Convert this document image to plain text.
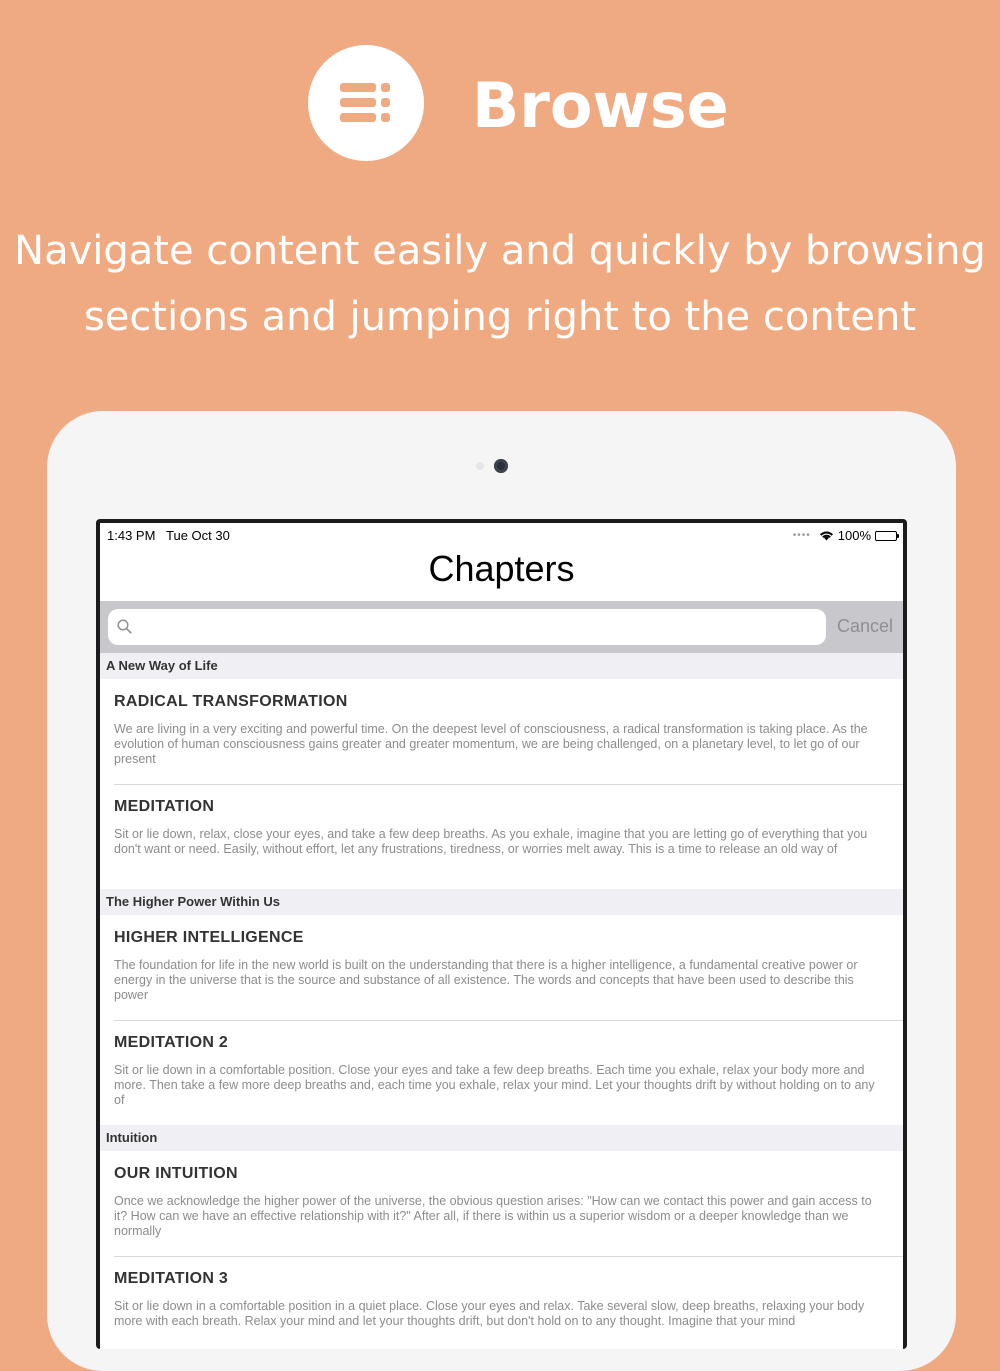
Browse
Navigate content easily and quickly by browsing
sections and jumping right to the content
1:43 PM Tue Oct 30	•••• 100%
Chapters
Cancel
A New Way of Life
RADICAL TRANSFORMATION
We are living in a very exciting and powerful time. On the deepest level of consciousness, a radical transformation is taking place. As the evolution of human consciousness gains greater and greater momentum, we are being challenged, on a planetary level, to let go of our present
MEDITATION
Sit or lie down, relax, close your eyes, and take a few deep breaths. As you exhale, imagine that you are letting go of everything that you don't want or need. Easily, without effort, let any frustrations, tiredness, or worries melt away. This is a time to release an old way of
The Higher Power Within Us
HIGHER INTELLIGENCE
The foundation for life in the new world is built on the understanding that there is a higher intelligence, a fundamental creative power or energy in the universe that is the source and substance of all existence. The words and concepts that have been used to describe this power
MEDITATION 2
Sit or lie down in a comfortable position. Close your eyes and take a few deep breaths. Each time you exhale, relax your body more and more. Then take a few more deep breaths and, each time you exhale, relax your mind. Let your thoughts drift by without holding on to any of
Intuition
OUR INTUITION
Once we acknowledge the higher power of the universe, the obvious question arises: "How can we contact this power and gain access to it? How can we have an effective relationship with it?" After all, if there is within us a superior wisdom or a deeper knowledge than we normally
MEDITATION 3
Sit or lie down in a comfortable position in a quiet place. Close your eyes and relax. Take several slow, deep breaths, relaxing your body more with each breath. Relax your mind and let your thoughts drift, but don't hold on to any thought. Imagine that your mind
